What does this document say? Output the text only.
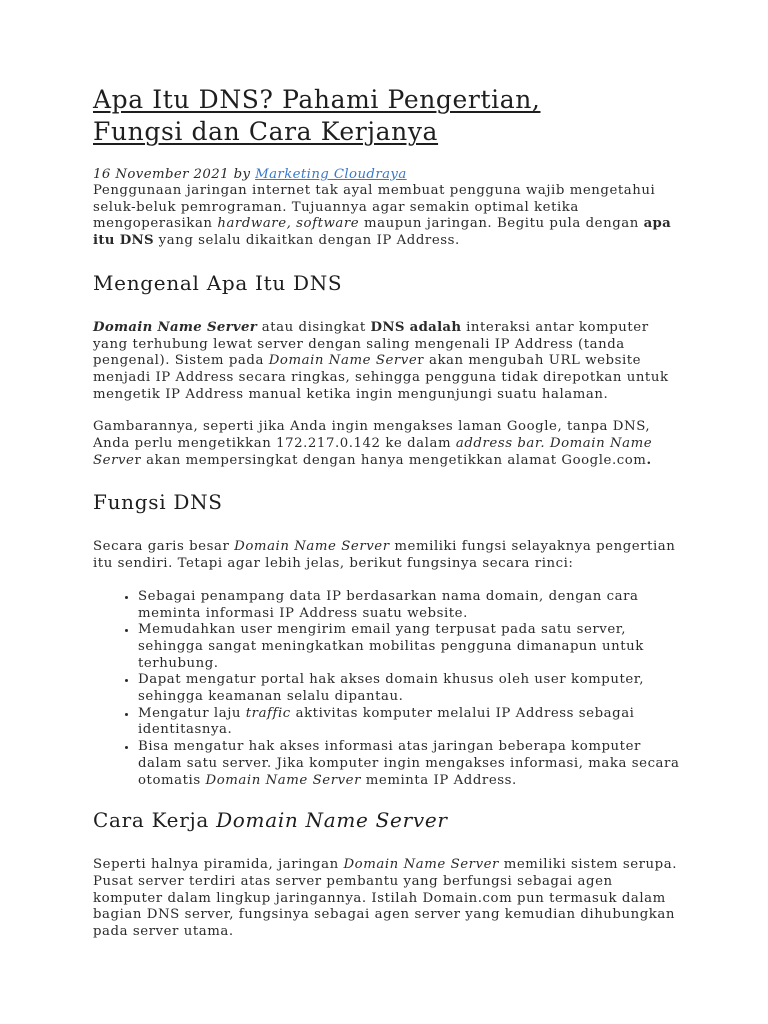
Apa Itu DNS? Pahami Pengertian,
Fungsi dan Cara Kerjanya
16 November 2021 by Marketing Cloudraya

Penggunaan jaringan internet tak ayal membuat pengguna wajib mengetahui seluk-beluk pemrograman. Tujuannya agar semakin optimal ketika mengoperasikan hardware, software maupun jaringan. Begitu pula dengan apa itu DNS yang selalu dikaitkan dengan IP Address.

Mengenal Apa Itu DNS

Domain Name Server atau disingkat DNS adalah interaksi antar komputer yang terhubung lewat server dengan saling mengenali IP Address (tanda pengenal). Sistem pada Domain Name Server akan mengubah URL website menjadi IP Address secara ringkas, sehingga pengguna tidak direpotkan untuk mengetik IP Address manual ketika ingin mengunjungi suatu halaman.

Gambarannya, seperti jika Anda ingin mengakses laman Google, tanpa DNS, Anda perlu mengetikkan 172.217.0.142 ke dalam address bar. Domain Name Server akan mempersingkat dengan hanya mengetikkan alamat Google.com.

Fungsi DNS

Secara garis besar Domain Name Server memiliki fungsi selayaknya pengertian itu sendiri. Tetapi agar lebih jelas, berikut fungsinya secara rinci:

• Sebagai penampang data IP berdasarkan nama domain, dengan cara meminta informasi IP Address suatu website.
• Memudahkan user mengirim email yang terpusat pada satu server, sehingga sangat meningkatkan mobilitas pengguna dimanapun untuk terhubung.
• Dapat mengatur portal hak akses domain khusus oleh user komputer, sehingga keamanan selalu dipantau.
• Mengatur laju traffic aktivitas komputer melalui IP Address sebagai identitasnya.
• Bisa mengatur hak akses informasi atas jaringan beberapa komputer dalam satu server. Jika komputer ingin mengakses informasi, maka secara otomatis Domain Name Server meminta IP Address.
Cara Kerja Domain Name Server

Seperti halnya piramida, jaringan Domain Name Server memiliki sistem serupa. Pusat server terdiri atas server pembantu yang berfungsi sebagai agen komputer dalam lingkup jaringannya. Istilah Domain.com pun termasuk dalam bagian DNS server, fungsinya sebagai agen server yang kemudian dihubungkan pada server utama.
